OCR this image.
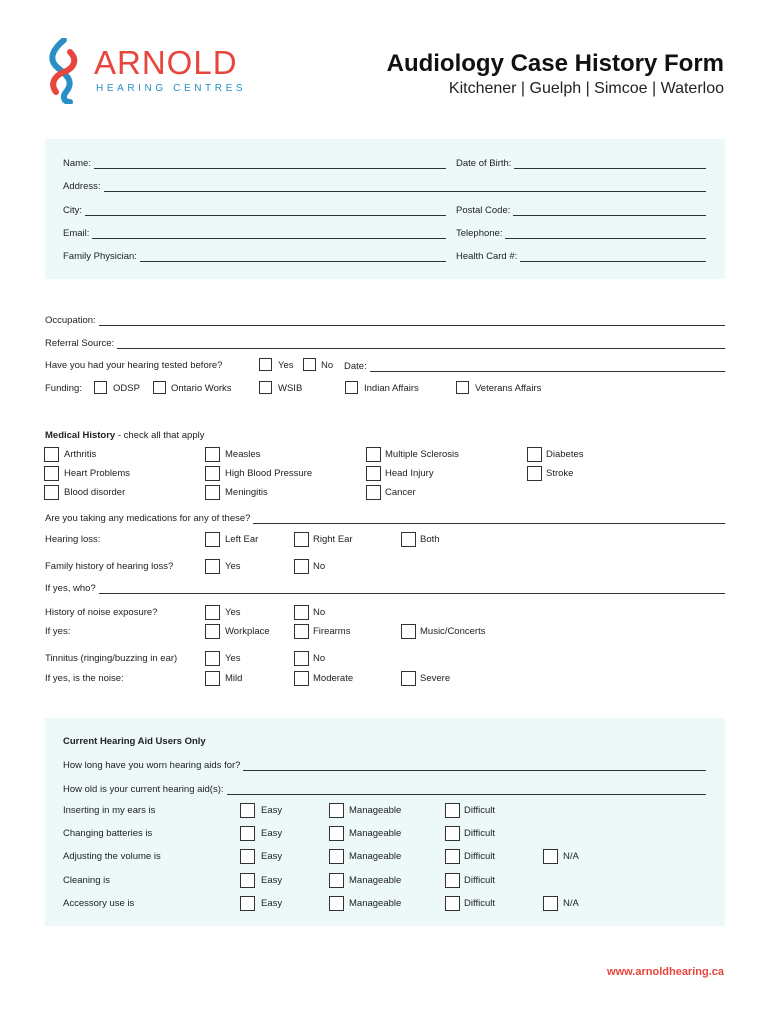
ARNOLD
HEARING CENTRES
Audiology Case History Form
Kitchener | Guelph | Simcoe | Waterloo
Name:	Date of Birth:
Address:
City:	Postal Code:
Email:	Telephone:
Family Physician:	Health Card #:
Occupation:
Referral Source:
Have you had your hearing tested before?	Yes	No Date:
Funding:	ODSP	Ontario Works	WSIB	Indian Affairs	Veterans Affairs
Medical History - check all that apply
Arthritis	Measles	Multiple Sclerosis	Diabetes
Heart Problems	High Blood Pressure	Head Injury	Stroke
Blood disorder	Meningitis	Cancer
Are you taking any medications for any of these?
Hearing loss:	Left Ear	Right Ear	Both
Family history of hearing loss?	Yes	No
If yes, who?
History of noise exposure?	Yes	No
If yes:	Workplace	Firearms	Music/Concerts
Tinnitus (ringing/buzzing in ear)	Yes	No
If yes, is the noise:	Mild	Moderate	Severe
Current Hearing Aid Users Only
How long have you worn hearing aids for?
How old is your current hearing aid(s):
Inserting in my ears is	Easy	Manageable	Difficult
Changing batteries is	Easy	Manageable	Difficult
Adjusting the volume is	Easy	Manageable	Difficult	N/A
Cleaning is	Easy	Manageable	Difficult
Accessory use is	Easy	Manageable	Difficult	N/A
www.arnoldhearing.ca
